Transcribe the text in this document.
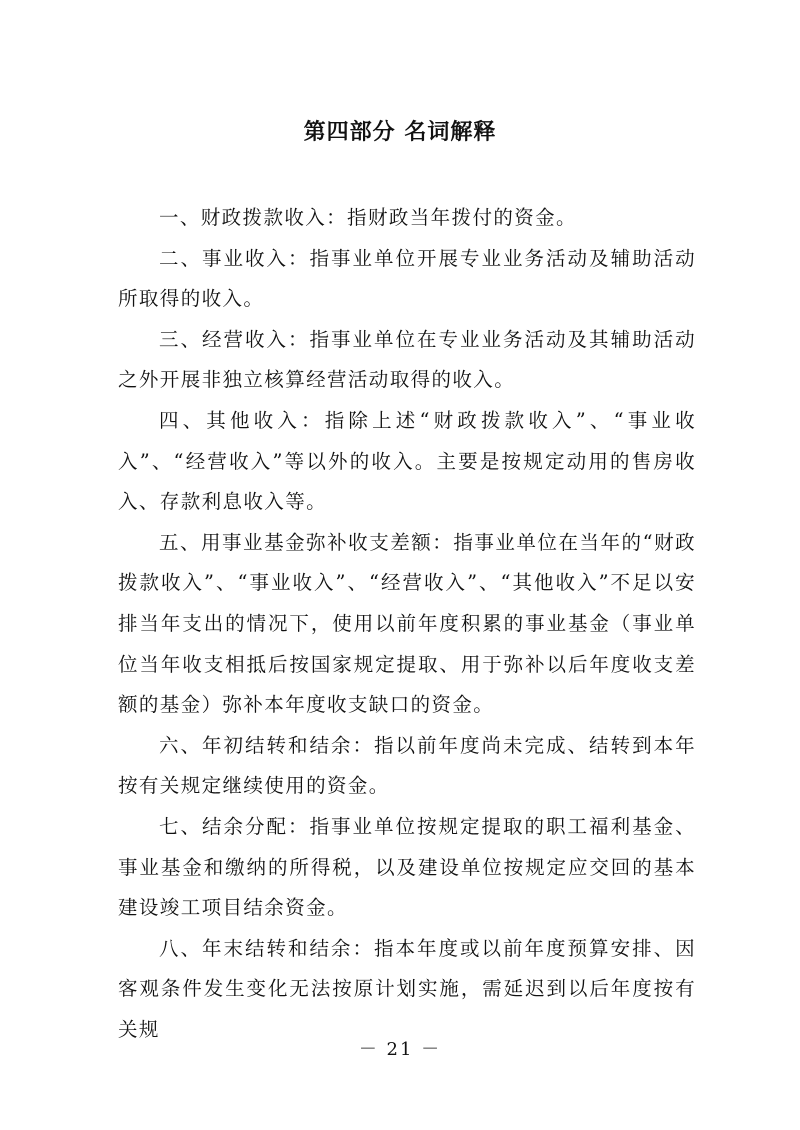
第四部分 名词解释

一、财政拨款收入：指财政当年拨付的资金。

二、事业收入：指事业单位开展专业业务活动及辅助活动所取得的收入。

三、经营收入：指事业单位在专业业务活动及其辅助活动之外开展非独立核算经营活动取得的收入。

四、其他收入：指除上述“财政拨款收入”、“事业收入”、“经营收入”等以外的收入。主要是按规定动用的售房收入、存款利息收入等。

五、用事业基金弥补收支差额：指事业单位在当年的“财政拨款收入”、“事业收入”、“经营收入”、“其他收入”不足以安排当年支出的情况下，使用以前年度积累的事业基金（事业单位当年收支相抵后按国家规定提取、用于弥补以后年度收支差额的基金）弥补本年度收支缺口的资金。

六、年初结转和结余：指以前年度尚未完成、结转到本年按有关规定继续使用的资金。

七、结余分配：指事业单位按规定提取的职工福利基金、事业基金和缴纳的所得税，以及建设单位按规定应交回的基本建设竣工项目结余资金。

八、年末结转和结余：指本年度或以前年度预算安排、因客观条件发生变化无法按原计划实施，需延迟到以后年度按有关规

－ 21 －
